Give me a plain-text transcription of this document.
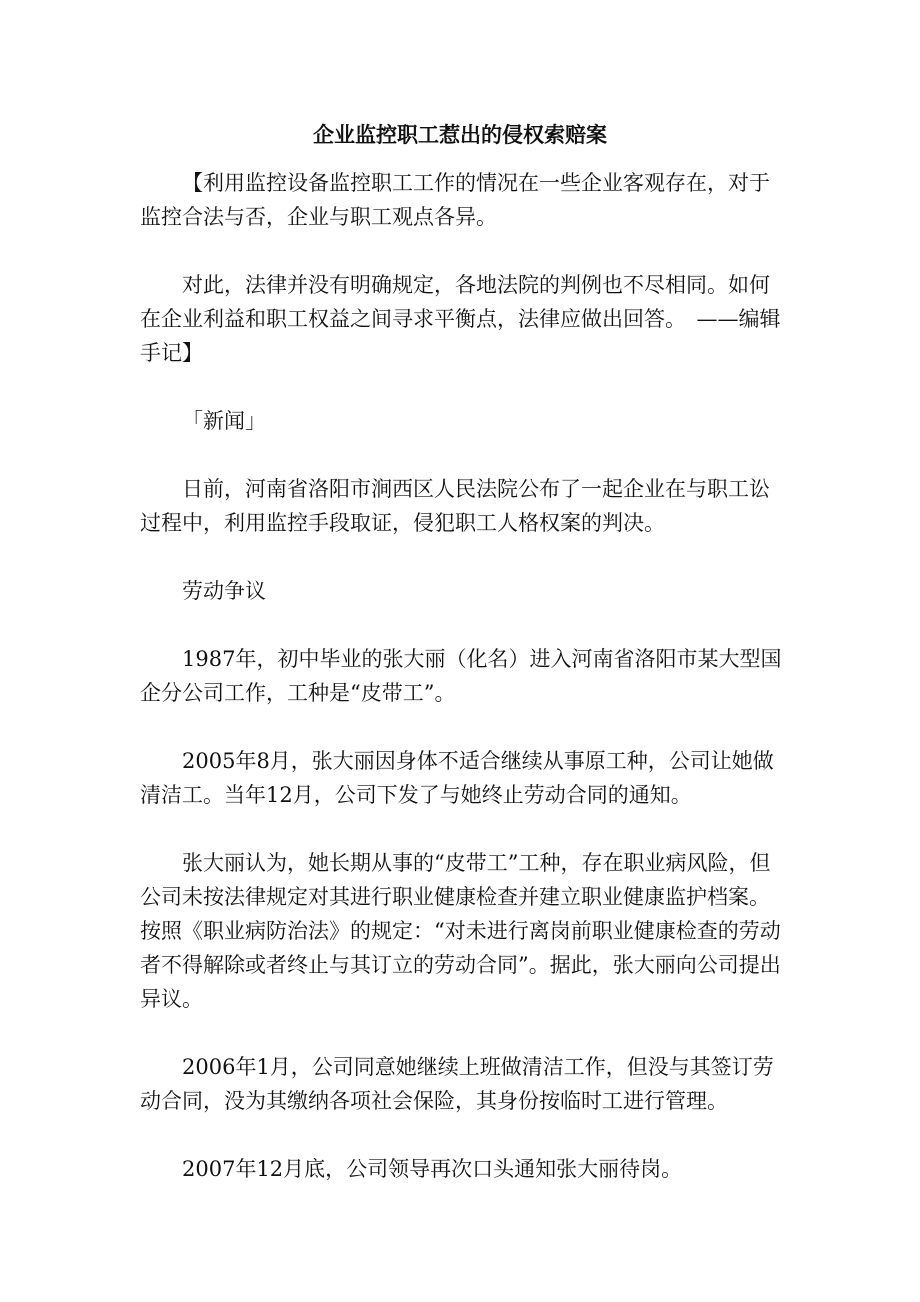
企业监控职工惹出的侵权索赔案

【利用监控设备监控职工工作的情况在一些企业客观存在，对于监控合法与否，企业与职工观点各异。

对此，法律并没有明确规定，各地法院的判例也不尽相同。如何在企业利益和职工权益之间寻求平衡点，法律应做出回答。　——编辑手记】

「新闻」

日前，河南省洛阳市涧西区人民法院公布了一起企业在与职工讼过程中，利用监控手段取证，侵犯职工人格权案的判决。

劳动争议

1987年，初中毕业的张大丽（化名）进入河南省洛阳市某大型国企分公司工作，工种是“皮带工”。

2005年8月，张大丽因身体不适合继续从事原工种，公司让她做清洁工。当年12月，公司下发了与她终止劳动合同的通知。

张大丽认为，她长期从事的“皮带工”工种，存在职业病风险，但公司未按法律规定对其进行职业健康检查并建立职业健康监护档案。按照《职业病防治法》的规定：“对未进行离岗前职业健康检查的劳动者不得解除或者终止与其订立的劳动合同”。据此，张大丽向公司提出异议。

2006年1月，公司同意她继续上班做清洁工作，但没与其签订劳动合同，没为其缴纳各项社会保险，其身份按临时工进行管理。

2007年12月底，公司领导再次口头通知张大丽待岗。
